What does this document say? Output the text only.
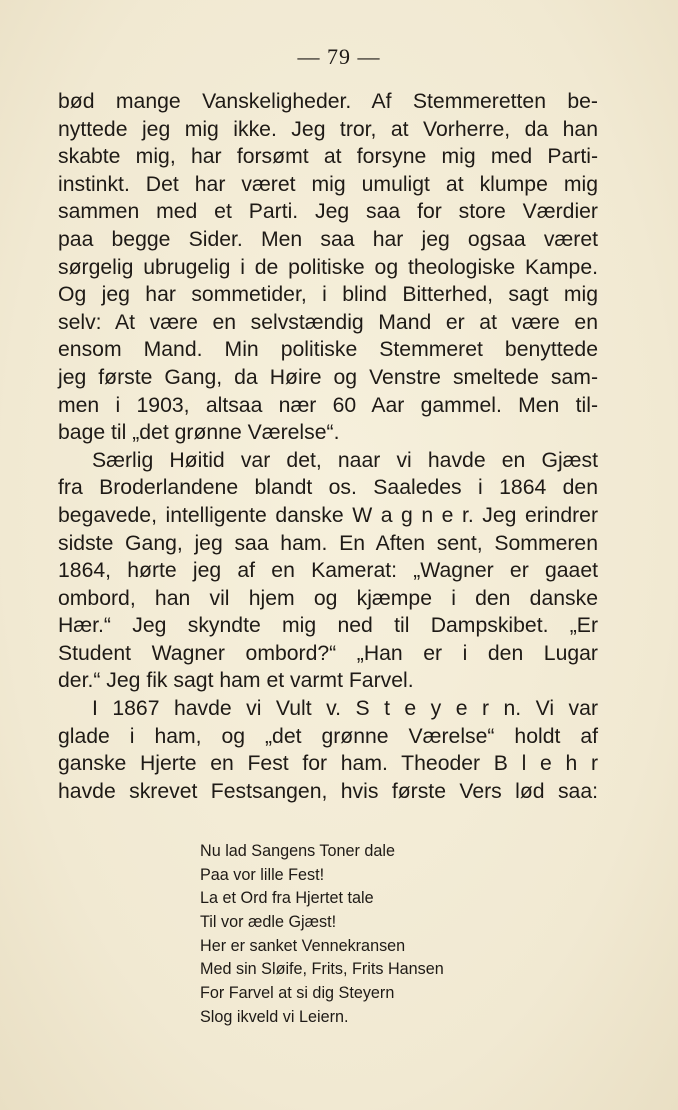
— 79 —
bød mange Vanskeligheder. Af Stemmeretten be-
nyttede jeg mig ikke. Jeg tror, at Vorherre, da han
skabte mig, har forsømt at forsyne mig med Parti-
instinkt. Det har været mig umuligt at klumpe mig
sammen med et Parti. Jeg saa for store Værdier
paa begge Sider. Men saa har jeg ogsaa været
sørgelig ubrugelig i de politiske og theologiske Kampe.
Og jeg har sommetider, i blind Bitterhed, sagt mig
selv: At være en selvstændig Mand er at være en
ensom Mand. Min politiske Stemmeret benyttede
jeg første Gang, da Høire og Venstre smeltede sam-
men i 1903, altsaa nær 60 Aar gammel. Men til-
bage til „det grønne Værelse“.
Særlig Høitid var det, naar vi havde en Gjæst
fra Broderlandene blandt os. Saaledes i 1864 den
begavede, intelligente danske W a g n e r. Jeg erindrer
sidste Gang, jeg saa ham. En Aften sent, Sommeren
1864, hørte jeg af en Kamerat: „Wagner er gaaet
ombord, han vil hjem og kjæmpe i den danske
Hær.“ Jeg skyndte mig ned til Dampskibet. „Er
Student Wagner ombord?“ „Han er i den Lugar
der.“ Jeg fik sagt ham et varmt Farvel.
I 1867 havde vi Vult v. S t e y e r n. Vi var
glade i ham, og „det grønne Værelse“ holdt af
ganske Hjerte en Fest for ham. Theoder B l e h r
havde skrevet Festsangen, hvis første Vers lød saa:
Nu lad Sangens Toner dale
Paa vor lille Fest!
La et Ord fra Hjertet tale
Til vor ædle Gjæst!
Her er sanket Vennekransen
Med sin Sløife, Frits, Frits Hansen
For Farvel at si dig Steyern
Slog ikveld vi Leiern.
